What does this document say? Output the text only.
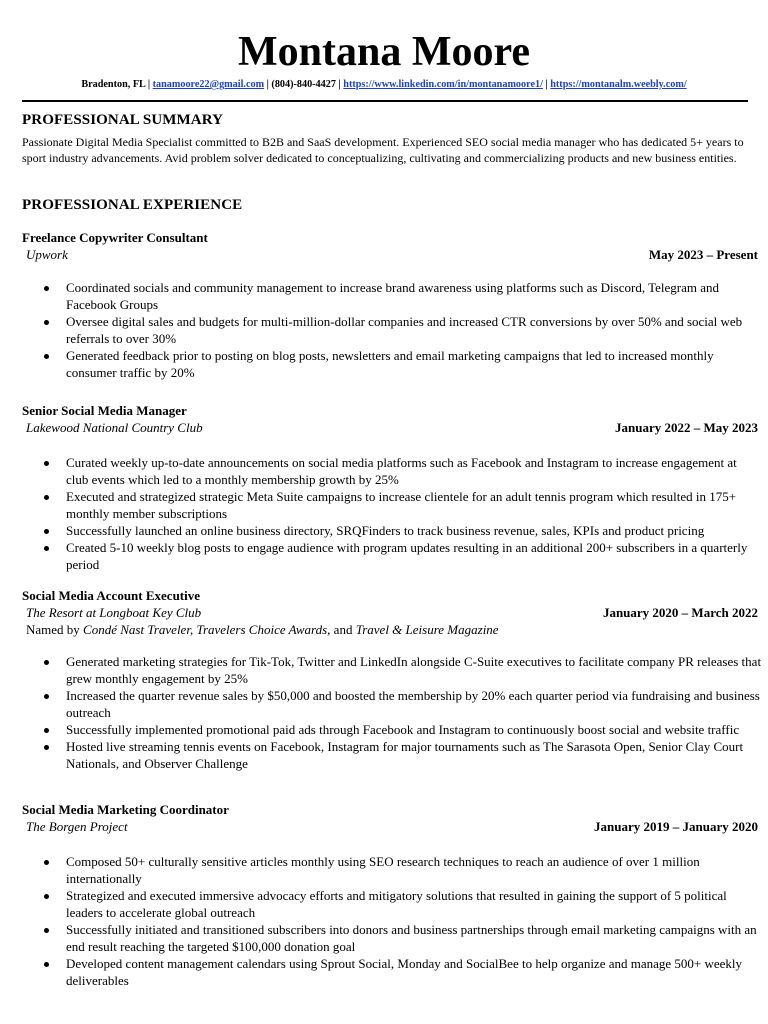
Montana Moore
Bradenton, FL | tanamoore22@gmail.com | (804)-840-4427 | https://www.linkedin.com/in/montanamoore1/ | https://montanalm.weebly.com/
PROFESSIONAL SUMMARY
Passionate Digital Media Specialist committed to B2B and SaaS development. Experienced SEO social media manager who has dedicated 5+ years to sport industry advancements. Avid problem solver dedicated to conceptualizing, cultivating and commercializing products and new business entities.
PROFESSIONAL EXPERIENCE
Freelance Copywriter Consultant
Upwork	May 2023 – Present
Coordinated socials and community management to increase brand awareness using platforms such as Discord, Telegram and Facebook Groups
Oversee digital sales and budgets for multi-million-dollar companies and increased CTR conversions by over 50% and social web referrals to over 30%
Generated feedback prior to posting on blog posts, newsletters and email marketing campaigns that led to increased monthly consumer traffic by 20%
Senior Social Media Manager
Lakewood National Country Club	January 2022 – May 2023
Curated weekly up-to-date announcements on social media platforms such as Facebook and Instagram to increase engagement at club events which led to a monthly membership growth by 25%
Executed and strategized strategic Meta Suite campaigns to increase clientele for an adult tennis program which resulted in 175+ monthly member subscriptions
Successfully launched an online business directory, SRQFinders to track business revenue, sales, KPIs and product pricing
Created 5-10 weekly blog posts to engage audience with program updates resulting in an additional 200+ subscribers in a quarterly period
Social Media Account Executive
The Resort at Longboat Key Club	January 2020 – March 2022
Named by Condé Nast Traveler, Travelers Choice Awards, and Travel & Leisure Magazine
Generated marketing strategies for Tik-Tok, Twitter and LinkedIn alongside C-Suite executives to facilitate company PR releases that grew monthly engagement by 25%
Increased the quarter revenue sales by $50,000 and boosted the membership by 20% each quarter period via fundraising and business outreach
Successfully implemented promotional paid ads through Facebook and Instagram to continuously boost social and website traffic
Hosted live streaming tennis events on Facebook, Instagram for major tournaments such as The Sarasota Open, Senior Clay Court Nationals, and Observer Challenge
Social Media Marketing Coordinator
The Borgen Project	January 2019 – January 2020
Composed 50+ culturally sensitive articles monthly using SEO research techniques to reach an audience of over 1 million internationally
Strategized and executed immersive advocacy efforts and mitigatory solutions that resulted in gaining the support of 5 political leaders to accelerate global outreach
Successfully initiated and transitioned subscribers into donors and business partnerships through email marketing campaigns with an end result reaching the targeted $100,000 donation goal
Developed content management calendars using Sprout Social, Monday and SocialBee to help organize and manage 500+ weekly deliverables
